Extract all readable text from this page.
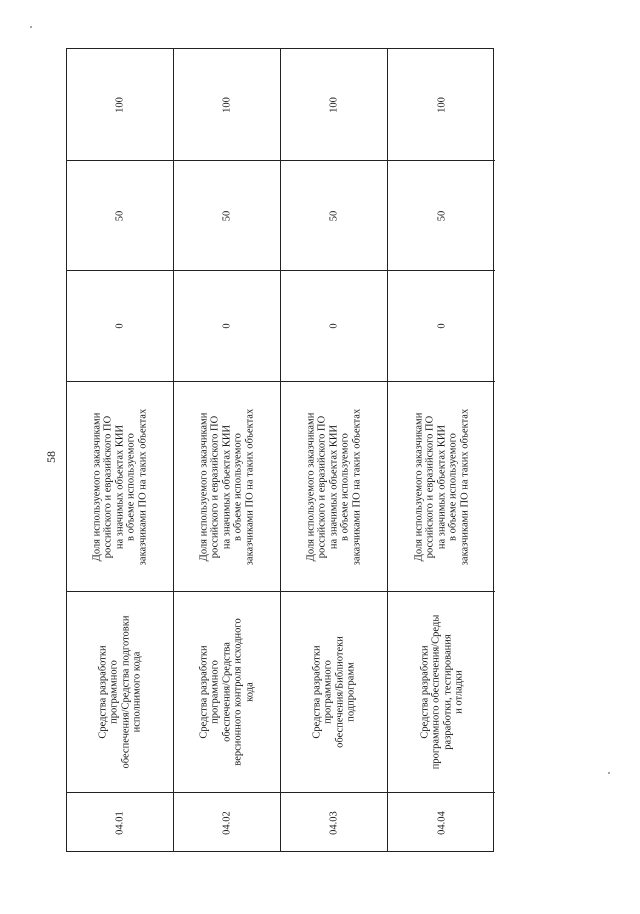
58
100
50
0
Доля используемого заказчиками
российского и евразийского ПО
на значимых объектах КИИ
в объеме используемого
заказчиками ПО на таких объектах
Средства разработки
программного
обеспечения/Средства подготовки
исполнимого кода
04.01
100
50
0
Доля используемого заказчиками
российского и евразийского ПО
на значимых объектах КИИ
в объеме используемого
заказчиками ПО на таких объектах
Средства разработки
программного
обеспечения/Средства
версионного контроля исходного
кода
04.02
100
50
0
Доля используемого заказчиками
российского и евразийского ПО
на значимых объектах КИИ
в объеме используемого
заказчиками ПО на таких объектах
Средства разработки
программного
обеспечения/Библиотеки
подпрограмм
04.03
100
50
0
Доля используемого заказчиками
российского и евразийского ПО
на значимых объектах КИИ
в объеме используемого
заказчиками ПО на таких объектах
Средства разработки
программного обеспечения/Среды
разработки, тестирования
и отладки
04.04
